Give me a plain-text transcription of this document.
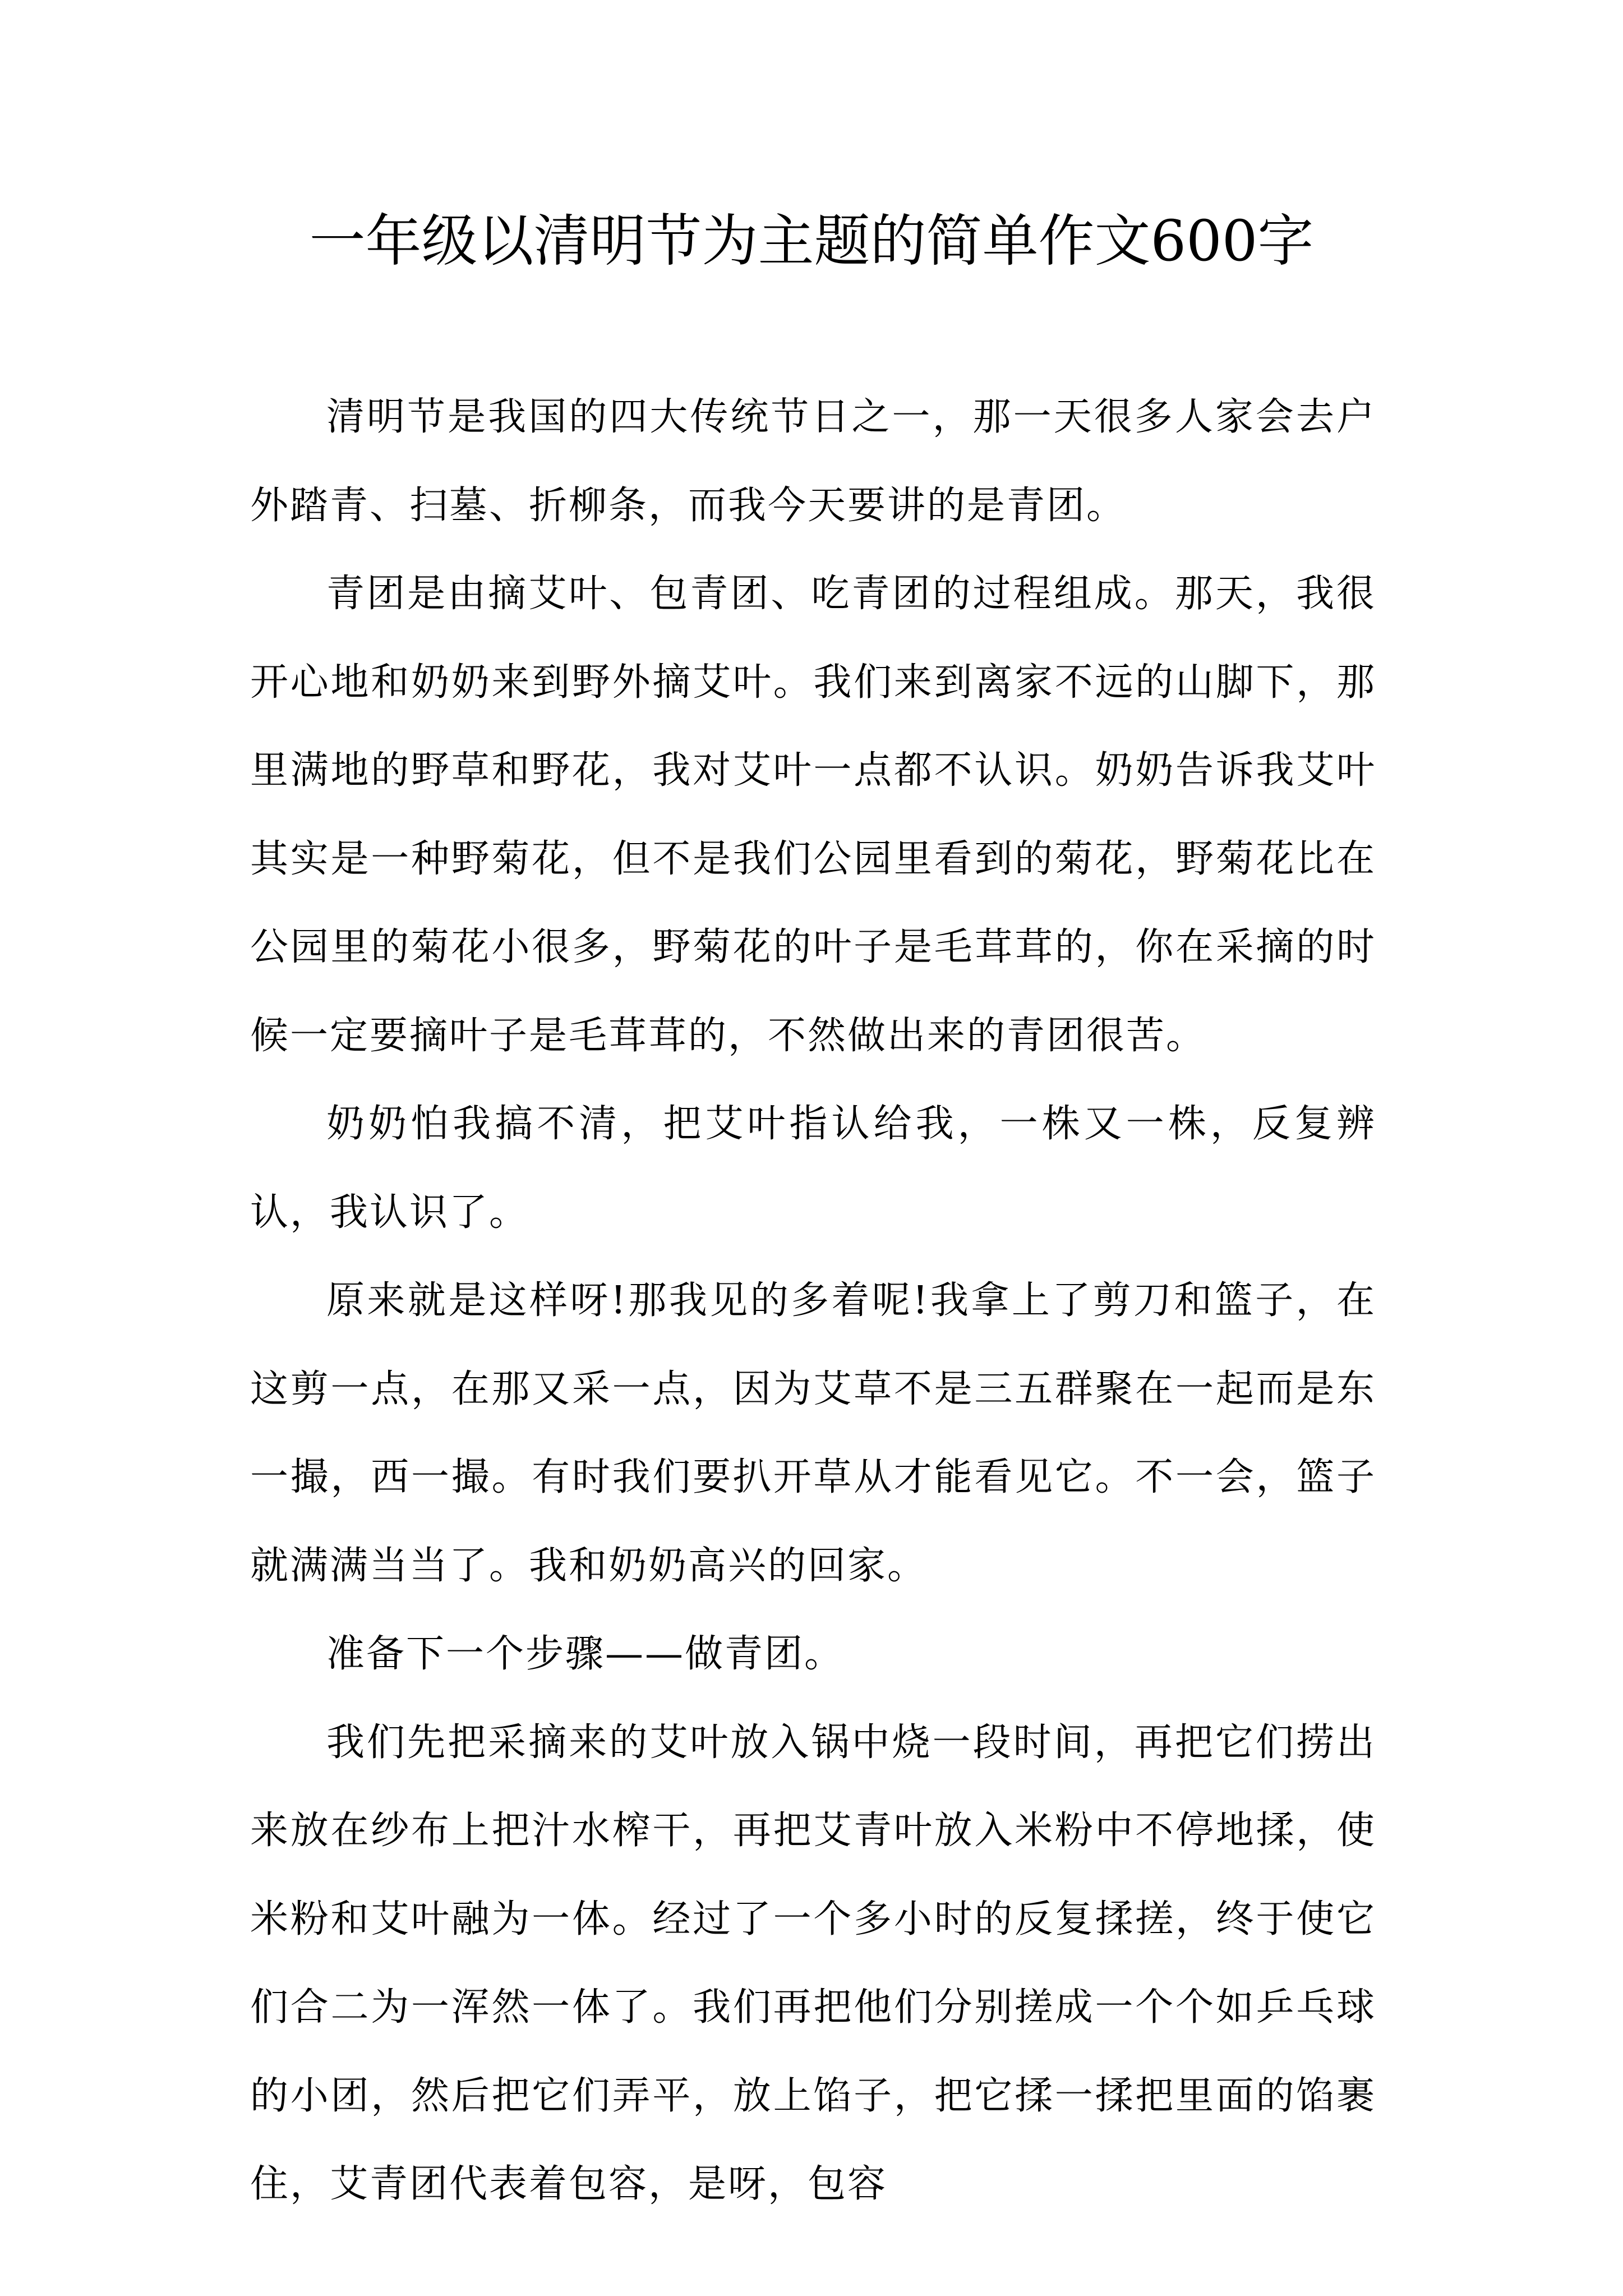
一年级以清明节为主题的简单作文600字

清明节是我国的四大传统节日之一，那一天很多人家会去户外踏青、扫墓、折柳条，而我今天要讲的是青团。

青团是由摘艾叶、包青团、吃青团的过程组成。那天，我很开心地和奶奶来到野外摘艾叶。我们来到离家不远的山脚下，那里满地的野草和野花，我对艾叶一点都不认识。奶奶告诉我艾叶其实是一种野菊花，但不是我们公园里看到的菊花，野菊花比在公园里的菊花小很多，野菊花的叶子是毛茸茸的，你在采摘的时候一定要摘叶子是毛茸茸的，不然做出来的青团很苦。

奶奶怕我搞不清，把艾叶指认给我，一株又一株，反复辨认，我认识了。

原来就是这样呀!那我见的多着呢!我拿上了剪刀和篮子，在这剪一点，在那又采一点，因为艾草不是三五群聚在一起而是东一撮，西一撮。有时我们要扒开草从才能看见它。不一会，篮子就满满当当了。我和奶奶高兴的回家。

准备下一个步骤——做青团。

我们先把采摘来的艾叶放入锅中烧一段时间，再把它们捞出来放在纱布上把汁水榨干，再把艾青叶放入米粉中不停地揉，使米粉和艾叶融为一体。经过了一个多小时的反复揉搓，终于使它们合二为一浑然一体了。我们再把他们分别搓成一个个如乒乓球的小团，然后把它们弄平，放上馅子，把它揉一揉把里面的馅裹住，艾青团代表着包容，是呀，包容
